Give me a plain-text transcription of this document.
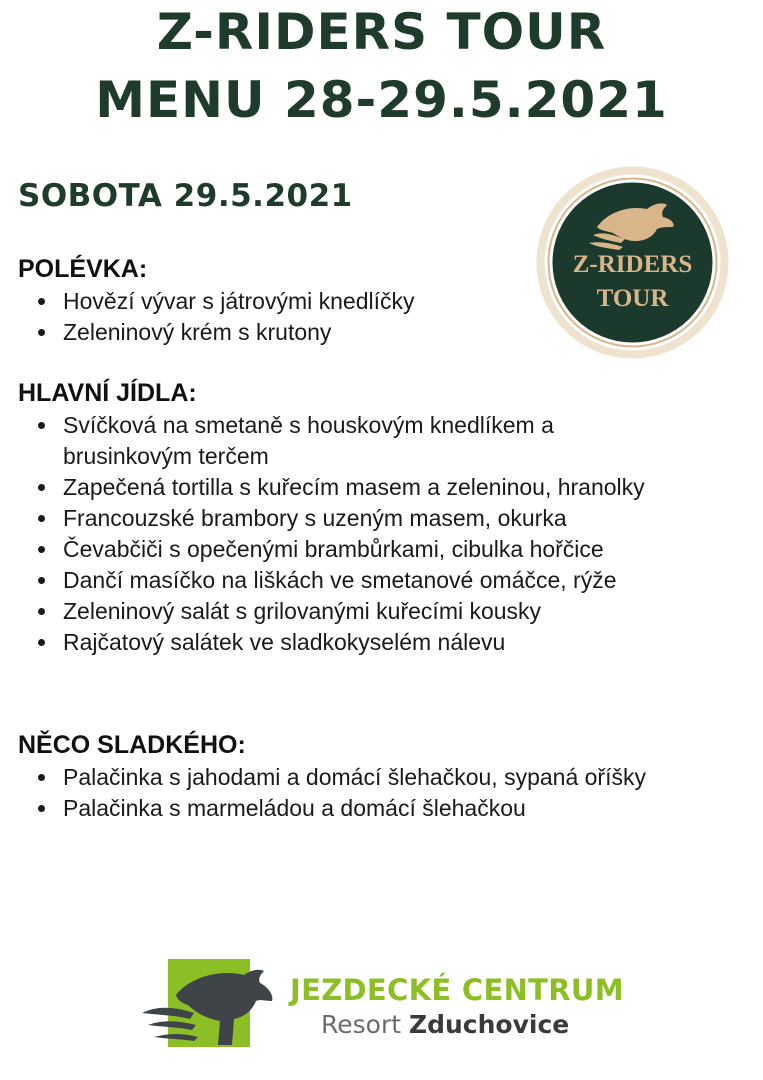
Z-RIDERS TOUR
MENU 28-29.5.2021
SOBOTA 29.5.2021
Z-RIDERS
TOUR
POLÉVKA:
Hovězí vývar s játrovými knedlíčky
Zeleninový krém s krutony
HLAVNÍ JÍDLA:
Svíčková na smetaně s houskovým knedlíkem a brusinkovým terčem
Zapečená tortilla s kuřecím masem a zeleninou, hranolky
Francouzské brambory s uzeným masem, okurka
Čevabčiči s opečenými brambůrkami, cibulka hořčice
Dančí masíčko na liškách ve smetanové omáčce, rýže
Zeleninový salát s grilovanými kuřecími kousky
Rajčatový salátek ve sladkokyselém nálevu
NĚCO SLADKÉHO:
Palačinka s jahodami a domácí šlehačkou, sypaná oříšky
Palačinka s marmeládou a domácí šlehačkou
JEZDECKÉ CENTRUM
Resort Zduchovice
